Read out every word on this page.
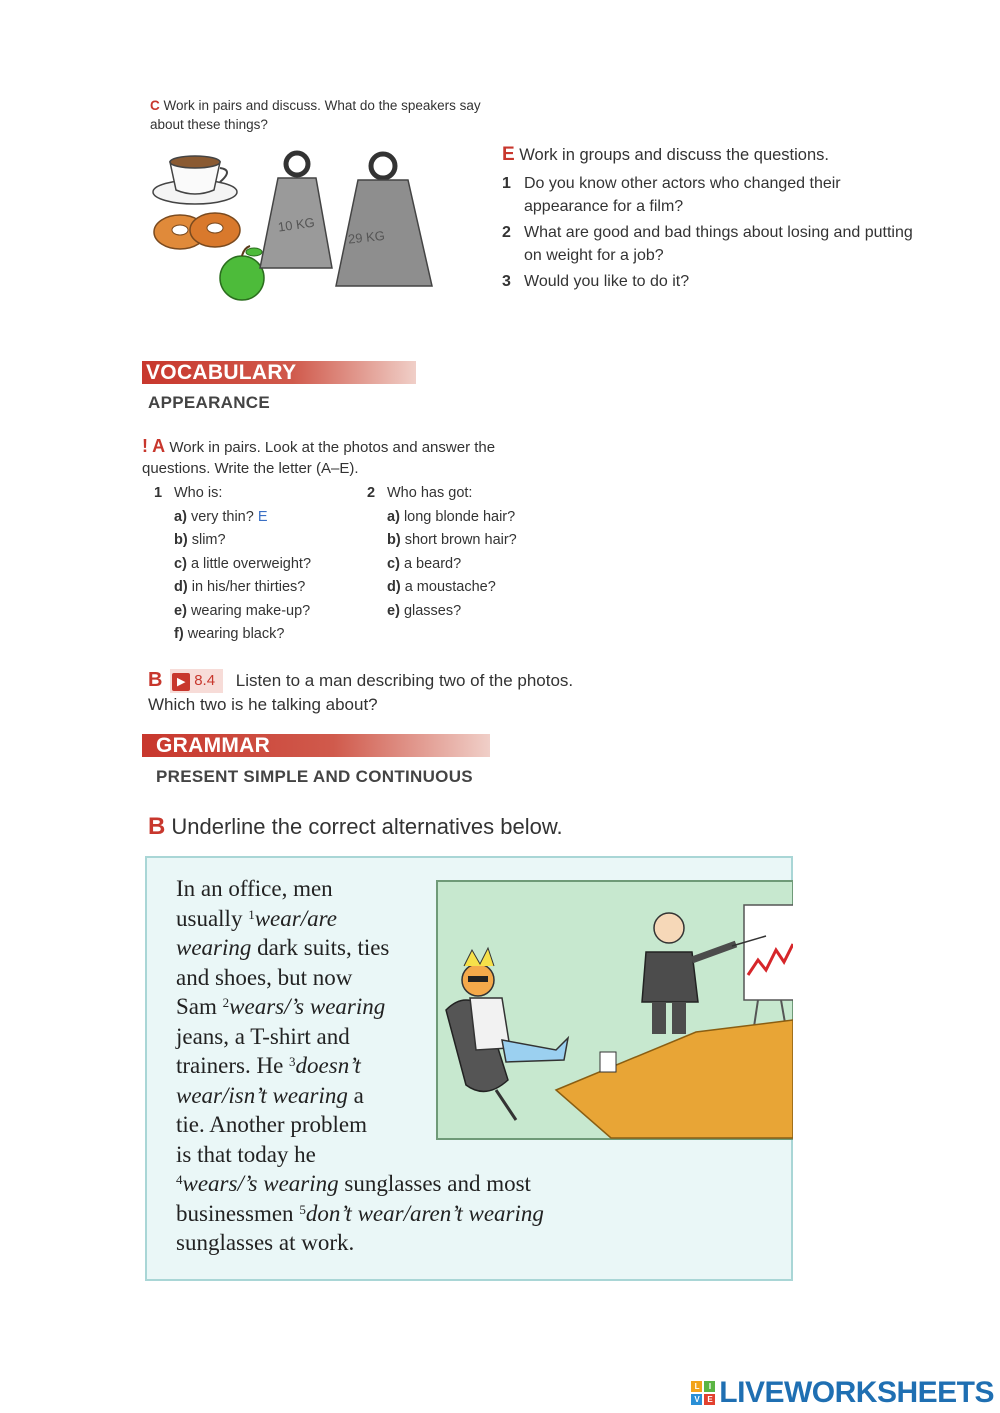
C Work in pairs and discuss. What do the speakers say about these things?
10 KG
29 KG
E Work in groups and discuss the questions.
1 Do you know other actors who changed their appearance for a film?
2 What are good and bad things about losing and putting on weight for a job?
3 Would you like to do it?
VOCABULARY
APPEARANCE
! A Work in pairs. Look at the photos and answer the questions. Write the letter (A–E).
1 Who is:
a) very thin? E
b) slim?
c) a little overweight?
d) in his/her thirties?
e) wearing make-up?
f) wearing black?
2 Who has got:
a) long blonde hair?
b) short brown hair?
c) a beard?
d) a moustache?
e) glasses?
B ▶ 8.4 Listen to a man describing two of the photos. Which two is he talking about?
GRAMMAR
PRESENT SIMPLE AND CONTINUOUS
B Underline the correct alternatives below.
In an office, men
usually $^1$wear/are
wearing dark suits, ties
and shoes, but now
Sam $^2$wears/’s wearing
jeans, a T-shirt and
trainers. He $^3$doesn’t
wear/isn’t wearing a
tie. Another problem
is that today he
$^4$wears/’s wearing sunglasses and most
businessmen $^5$don’t wear/aren’t wearing
sunglasses at work.
L	I
V	E LIVEWORKSHEETS
